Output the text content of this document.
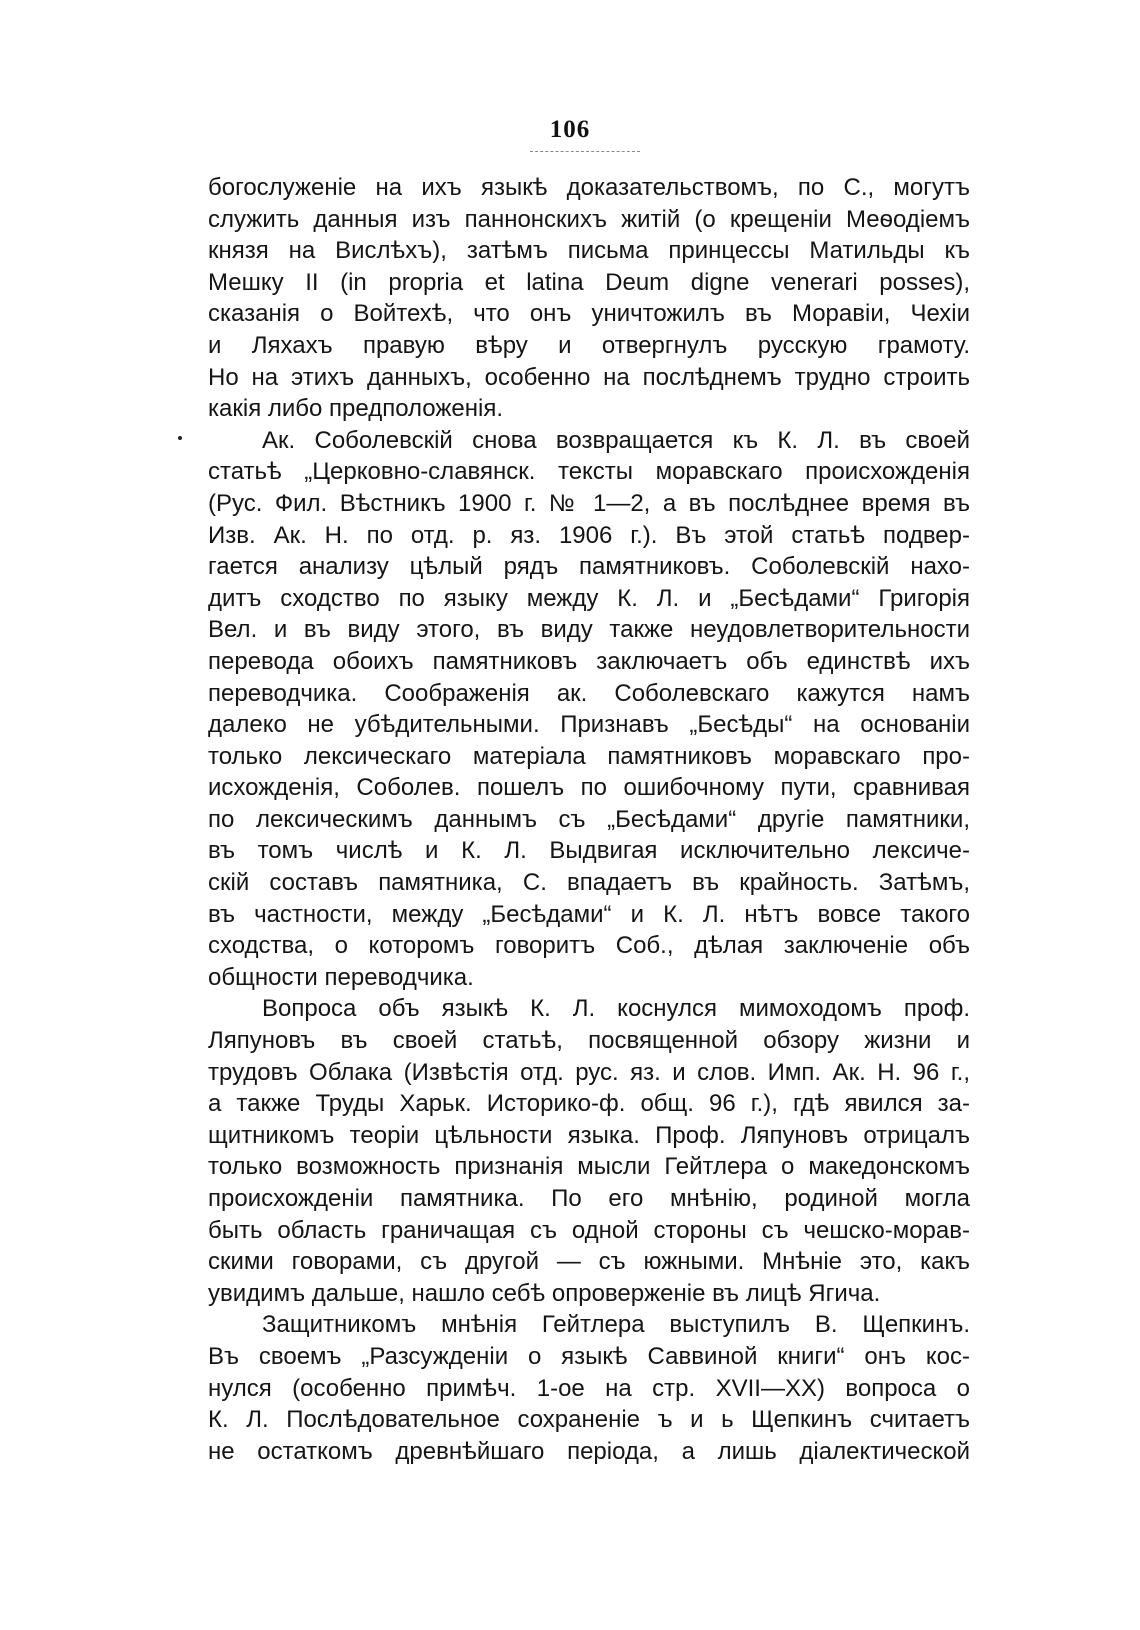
106
богослуженіе на ихъ языкѣ доказательствомъ, по С., могутъ
служить данныя изъ паннонскихъ житій (о крещеніи Меѳодіемъ
князя на Вислѣхъ), затѣмъ письма принцессы Матильды къ
Мешку II (in propria et latina Deum digne venerari posses),
сказанія о Войтехѣ, что онъ уничтожилъ въ Моравіи, Чехіи
и Ляхахъ правую вѣру и отвергнулъ русскую грамоту.
Но на этихъ данныхъ, особенно на послѣднемъ трудно строить
какія либо предположенія.
Ак. Соболевскій снова возвращается къ К. Л. въ своей
статьѣ „Церковно-славянск. тексты моравскаго происхожденія
(Рус. Фил. Вѣстникъ 1900 г. № 1—2, а въ послѣднее время въ
Изв. Ак. Н. по отд. р. яз. 1906 г.). Въ этой статьѣ подвер-
гается анализу цѣлый рядъ памятниковъ. Соболевскій нахо-
дитъ сходство по языку между К. Л. и „Бесѣдами“ Григорія
Вел. и въ виду этого, въ виду также неудовлетворительности
перевода обоихъ памятниковъ заключаетъ объ единствѣ ихъ
переводчика. Соображенія ак. Соболевскаго кажутся намъ
далеко не убѣдительными. Признавъ „Бесѣды“ на основаніи
только лексическаго матеріала памятниковъ моравскаго про-
исхожденія, Соболев. пошелъ по ошибочному пути, сравнивая
по лексическимъ даннымъ съ „Бесѣдами“ другіе памятники,
въ томъ числѣ и К. Л. Выдвигая исключительно лексиче-
скій составъ памятника, С. впадаетъ въ крайность. Затѣмъ,
въ частности, между „Бесѣдами“ и К. Л. нѣтъ вовсе такого
сходства, о которомъ говоритъ Соб., дѣлая заключеніе объ
общности переводчика.
Вопроса объ языкѣ К. Л. коснулся мимоходомъ проф.
Ляпуновъ въ своей статьѣ, посвященной обзору жизни и
трудовъ Облака (Извѣстія отд. рус. яз. и слов. Имп. Ак. Н. 96 г.,
а также Труды Харьк. Историко-ф. общ. 96 г.), гдѣ явился за-
щитникомъ теоріи цѣльности языка. Проф. Ляпуновъ отрицалъ
только возможность признанія мысли Гейтлера о македонскомъ
происхожденіи памятника. По его мнѣнію, родиной могла
быть область граничащая съ одной стороны съ чешско-морав-
скими говорами, съ другой — съ южными. Мнѣніе это, какъ
увидимъ дальше, нашло себѣ опроверженіе въ лицѣ Ягича.
Защитникомъ мнѣнія Гейтлера выступилъ В. Щепкинъ.
Въ своемъ „Разсужденіи о языкѣ Саввиной книги“ онъ кос-
нулся (особенно примѣч. 1-ое на стр. XVII—XX) вопроса о
К. Л. Послѣдовательное сохраненіе ъ и ь Щепкинъ считаетъ
не остаткомъ древнѣйшаго періода, а лишь діалектической
